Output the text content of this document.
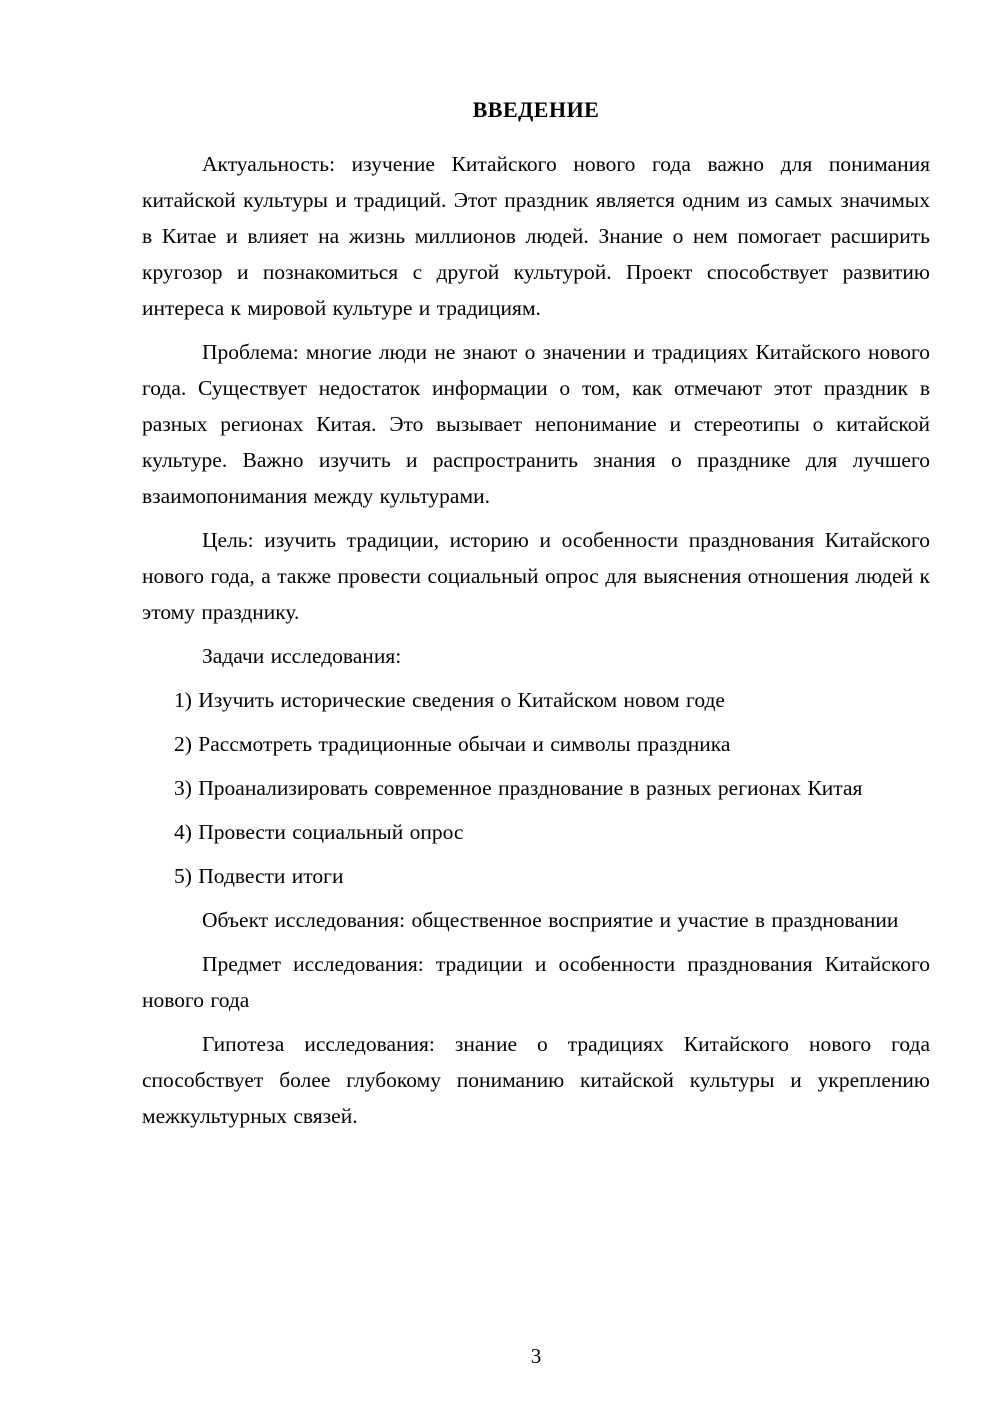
ВВЕДЕНИЕ

Актуальность: изучение Китайского нового года важно для понимания китайской культуры и традиций. Этот праздник является одним из самых значимых в Китае и влияет на жизнь миллионов людей. Знание о нем помогает расширить кругозор и познакомиться с другой культурой. Проект способствует развитию интереса к мировой культуре и традициям.

Проблема: многие люди не знают о значении и традициях Китайского нового года. Существует недостаток информации о том, как отмечают этот праздник в разных регионах Китая. Это вызывает непонимание и стереотипы о китайской культуре. Важно изучить и распространить знания о празднике для лучшего взаимопонимания между культурами.

Цель: изучить традиции, историю и особенности празднования Китайского нового года, а также провести социальный опрос для выяснения отношения людей к этому празднику.

Задачи исследования:

1) Изучить исторические сведения о Китайском новом годе

2) Рассмотреть традиционные обычаи и символы праздника

3) Проанализировать современное празднование в разных регионах Китая

4) Провести социальный опрос

5) Подвести итоги

Объект исследования: общественное восприятие и участие в праздновании

Предмет исследования: традиции и особенности празднования Китайского нового года

Гипотеза исследования: знание о традициях Китайского нового года способствует более глубокому пониманию китайской культуры и укреплению межкультурных связей.

3
